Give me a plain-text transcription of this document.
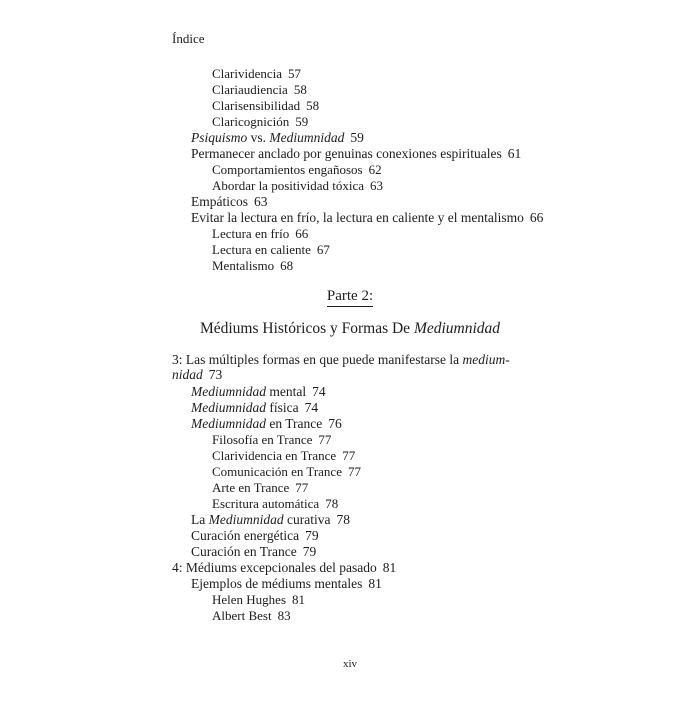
Índice
Clarividencia 57
Clariaudiencia 58
Clarisensibilidad 58
Claricognición 59
Psiquismo vs. Mediumnidad 59
Permanecer anclado por genuinas conexiones espirituales 61
Comportamientos engañosos 62
Abordar la positividad tóxica 63
Empáticos 63
Evitar la lectura en frío, la lectura en caliente y el mentalismo 66
Lectura en frío 66
Lectura en caliente 67
Mentalismo 68
Parte 2:
Médiums Históricos y Formas De Mediumnidad
3: Las múltiples formas en que puede manifestarse la medium-
nidad 73
Mediumnidad mental 74
Mediumnidad física 74
Mediumnidad en Trance 76
Filosofía en Trance 77
Clarividencia en Trance 77
Comunicación en Trance 77
Arte en Trance 77
Escritura automática 78
La Mediumnidad curativa 78
Curación energética 79
Curación en Trance 79
4: Médiums excepcionales del pasado 81
Ejemplos de médiums mentales 81
Helen Hughes 81
Albert Best 83
xiv
